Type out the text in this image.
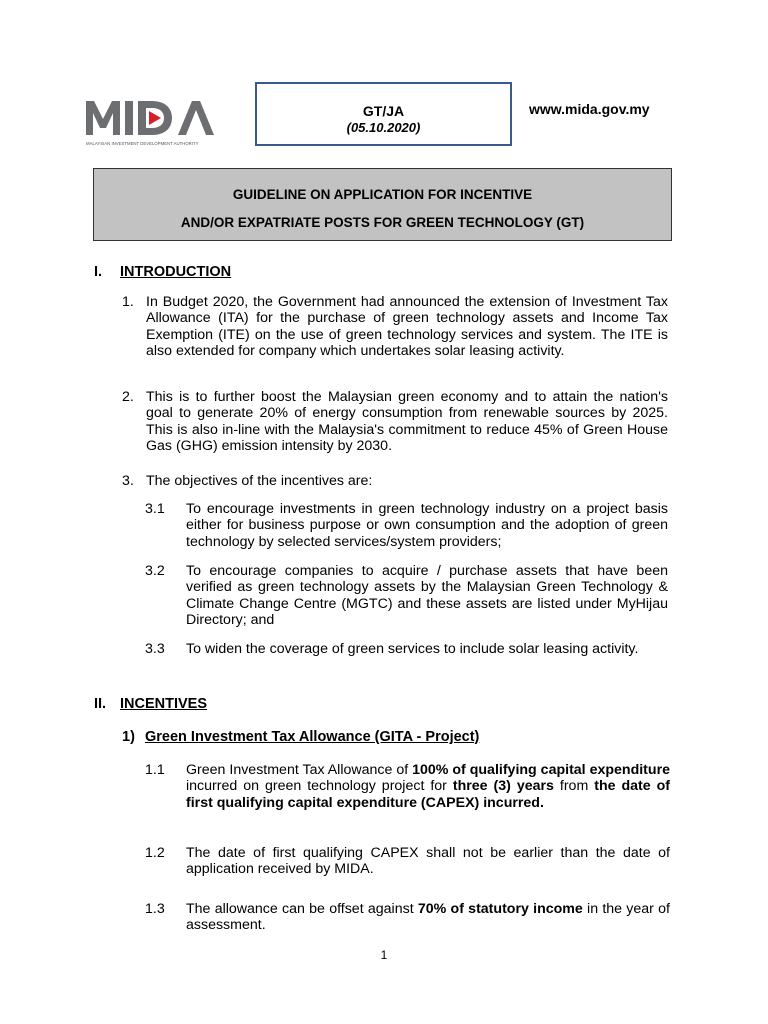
MALAYSIAN INVESTMENT DEVELOPMENT AUTHORITY
GT/JA
(05.10.2020)
www.mida.gov.my
GUIDELINE ON APPLICATION FOR INCENTIVE
AND/OR EXPATRIATE POSTS FOR GREEN TECHNOLOGY (GT)
I. INTRODUCTION
1. In Budget 2020, the Government had announced the extension of Investment Tax Allowance (ITA) for the purchase of green technology assets and Income Tax Exemption (ITE) on the use of green technology services and system. The ITE is also extended for company which undertakes solar leasing activity.

2. This is to further boost the Malaysian green economy and to attain the nation's goal to generate 20% of energy consumption from renewable sources by 2025. This is also in-line with the Malaysia's commitment to reduce 45% of Green House Gas (GHG) emission intensity by 2030.

3. The objectives of the incentives are:

3.1 To encourage investments in green technology industry on a project basis either for business purpose or own consumption and the adoption of green technology by selected services/system providers;

3.2 To encourage companies to acquire / purchase assets that have been verified as green technology assets by the Malaysian Green Technology & Climate Change Centre (MGTC) and these assets are listed under MyHijau Directory; and

3.3 To widen the coverage of green services to include solar leasing activity.

II. INCENTIVES
1) Green Investment Tax Allowance (GITA - Project)
1.1 Green Investment Tax Allowance of 100% of qualifying capital expenditure incurred on green technology project for three (3) years from the date of first qualifying capital expenditure (CAPEX) incurred.

1.2 The date of first qualifying CAPEX shall not be earlier than the date of application received by MIDA.

1.3 The allowance can be offset against 70% of statutory income in the year of assessment.

1
